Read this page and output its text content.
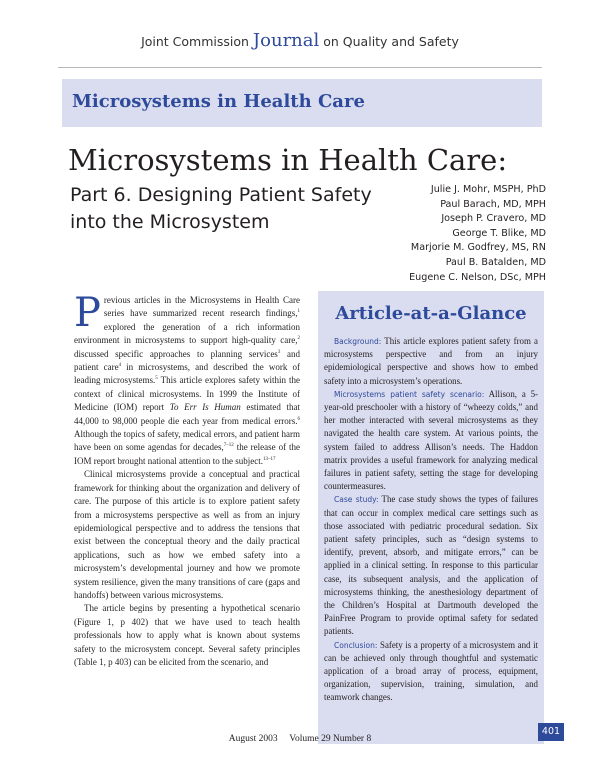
Joint Commission Journal on Quality and Safety
Microsystems in Health Care
Microsystems in Health Care:
Part 6. Designing Patient Safety into the Microsystem
Julie J. Mohr, MSPH, PhD
Paul Barach, MD, MPH
Joseph P. Cravero, MD
George T. Blike, MD
Marjorie M. Godfrey, MS, RN
Paul B. Batalden, MD
Eugene C. Nelson, DSc, MPH

Previous articles in the Microsystems in Health Care series have summarized recent research findings,$^1$ explored the generation of a rich information environment in microsystems to support high-quality care,$^2$ discussed specific approaches to planning services$^3$ and patient care$^4$ in microsystems, and described the work of leading microsystems.$^5$ This article explores safety within the context of clinical microsystems. In 1999 the Institute of Medicine (IOM) report To Err Is Human estimated that 44,000 to 98,000 people die each year from medical errors.$^6$ Although the topics of safety, medical errors, and patient harm have been on some agendas for decades,$^{7-12}$ the release of the IOM report brought national attention to the subject.$^{13-17}$

Clinical microsystems provide a conceptual and practical framework for thinking about the organization and delivery of care. The purpose of this article is to explore patient safety from a microsystems perspective as well as from an injury epidemiological perspective and to address the tensions that exist between the conceptual theory and the daily practical applications, such as how we embed safety into a microsystem’s developmental journey and how we promote system resilience, given the many transitions of care (gaps and handoffs) between various microsystems.

The article begins by presenting a hypothetical scenario (Figure 1, p 402) that we have used to teach health professionals how to apply what is known about systems safety to the microsystem concept. Several safety principles (Table 1, p 403) can be elicited from the scenario, and

Article-at-a-Glance

Background: This article explores patient safety from a microsystems perspective and from an injury epidemiological perspective and shows how to embed safety into a microsystem’s operations.

Microsystems patient safety scenario: Allison, a 5-year-old preschooler with a history of “wheezy colds,” and her mother interacted with several microsystems as they navigated the health care system. At various points, the system failed to address Allison’s needs. The Haddon matrix provides a useful framework for analyzing medical failures in patient safety, setting the stage for developing countermeasures.

Case study: The case study shows the types of failures that can occur in complex medical care settings such as those associated with pediatric procedural sedation. Six patient safety principles, such as “design systems to identify, prevent, absorb, and mitigate errors,” can be applied in a clinical setting. In response to this particular case, its subsequent analysis, and the application of microsystems thinking, the anesthesiology department of the Children’s Hospital at Dartmouth developed the PainFree Program to provide optimal safety for sedated patients.

Conclusion: Safety is a property of a microsystem and it can be achieved only through thoughtful and systematic application of a broad array of process, equipment, organization, supervision, training, simulation, and teamwork changes.

August 2003     Volume 29 Number 8
401
